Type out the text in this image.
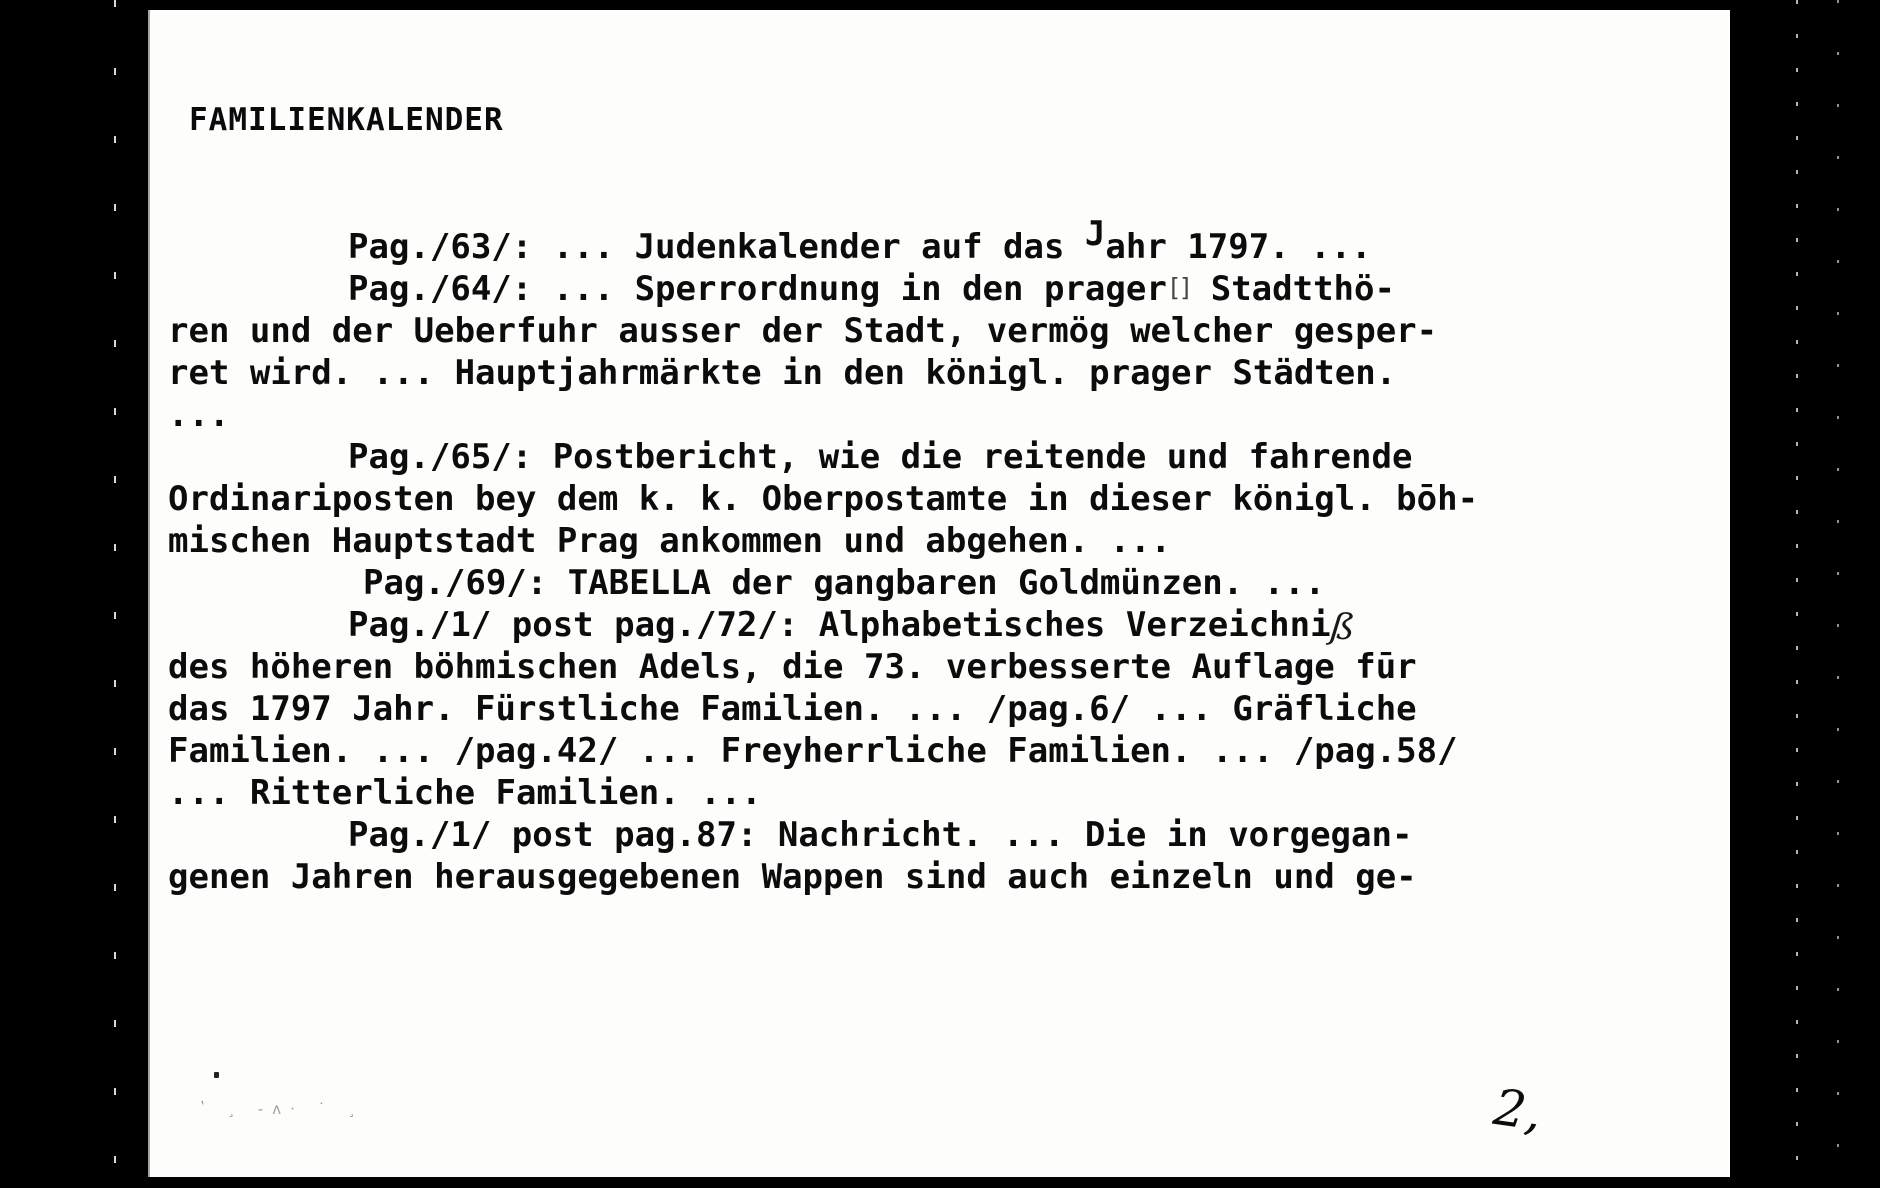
FAMILIENKALENDER
Pag./63/: ... Judenkalender auf das Jahr 1797. ...
Pag./64/: ... Sperrordnung in den prager[] Stadtthö-
ren und der Ueberfuhr ausser der Stadt, vermög welcher gesper-
ret wird. ... Hauptjahrmärkte in den königl. prager Städten.
...
Pag./65/: Postbericht, wie die reitende und fahrende
Ordinariposten bey dem k. k. Oberpostamte in dieser königl. bōh-
mischen Hauptstadt Prag ankommen und abgehen. ...
Pag./69/: TABELLA der gangbaren Goldmünzen. ...
Pag./1/ post pag./72/: Alphabetisches Verzeichniß
des höheren böhmischen Adels, die 73. verbesserte Auflage fūr
das 1797 Jahr. Fürstliche Familien. ... /pag.6/ ... Gräfliche
Familien. ... /pag.42/ ... Freyherrliche Familien. ... /pag.58/
... Ritterliche Familien. ...
Pag./1/ post pag.87: Nachricht. ... Die in vorgegan-
genen Jahren herausgegebenen Wappen sind auch einzeln und ge-
ʽ ¸ ‐ʌ· ˙ ¸	2,
